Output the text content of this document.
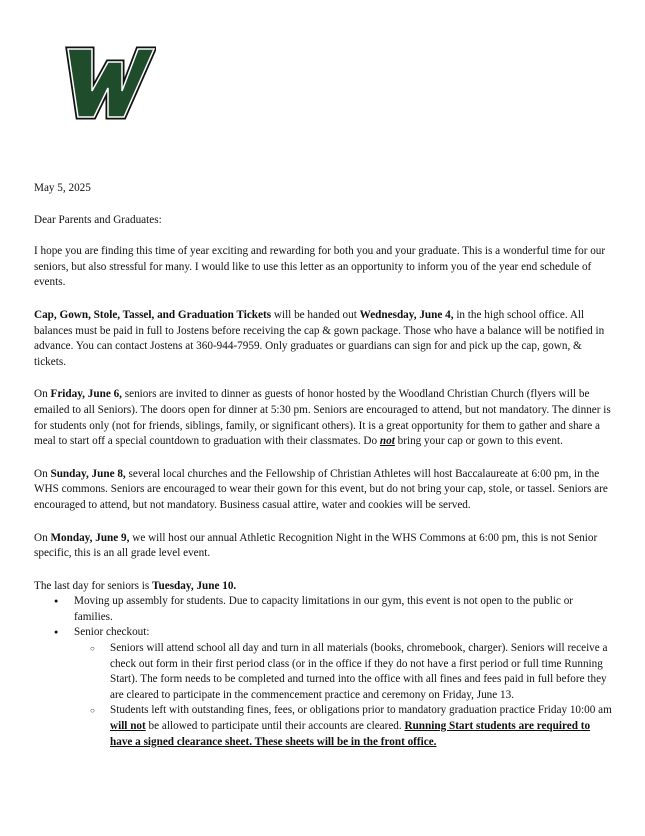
May 5, 2025

Dear Parents and Graduates:

I hope you are finding this time of year exciting and rewarding for both you and your graduate. This is a wonderful time for our seniors, but also stressful for many. I would like to use this letter as an opportunity to inform you of the year end schedule of events.

Cap, Gown, Stole, Tassel, and Graduation Tickets will be handed out Wednesday, June 4, in the high school office. All balances must be paid in full to Jostens before receiving the cap & gown package. Those who have a balance will be notified in advance. You can contact Jostens at 360-944-7959. Only graduates or guardians can sign for and pick up the cap, gown, & tickets.

On Friday, June 6, seniors are invited to dinner as guests of honor hosted by the Woodland Christian Church (flyers will be emailed to all Seniors). The doors open for dinner at 5:30 pm. Seniors are encouraged to attend, but not mandatory. The dinner is for students only (not for friends, siblings, family, or significant others). It is a great opportunity for them to gather and share a meal to start off a special countdown to graduation with their classmates. Do not bring your cap or gown to this event.

On Sunday, June 8, several local churches and the Fellowship of Christian Athletes will host Baccalaureate at 6:00 pm, in the WHS commons. Seniors are encouraged to wear their gown for this event, but do not bring your cap, stole, or tassel. Seniors are encouraged to attend, but not mandatory. Business casual attire, water and cookies will be served.

On Monday, June 9, we will host our annual Athletic Recognition Night in the WHS Commons at 6:00 pm, this is not Senior specific, this is an all grade level event.

The last day for seniors is Tuesday, June 10.

● Moving up assembly for students. Due to capacity limitations in our gym, this event is not open to the public or families.
● Senior checkout:
○ Seniors will attend school all day and turn in all materials (books, chromebook, charger). Seniors will receive a check out form in their first period class (or in the office if they do not have a first period or full time Running Start). The form needs to be completed and turned into the office with all fines and fees paid in full before they are cleared to participate in the commencement practice and ceremony on Friday, June 13.
○ Students left with outstanding fines, fees, or obligations prior to mandatory graduation practice Friday 10:00 am will not be allowed to participate until their accounts are cleared. Running Start students are required to have a signed clearance sheet. These sheets will be in the front office.
